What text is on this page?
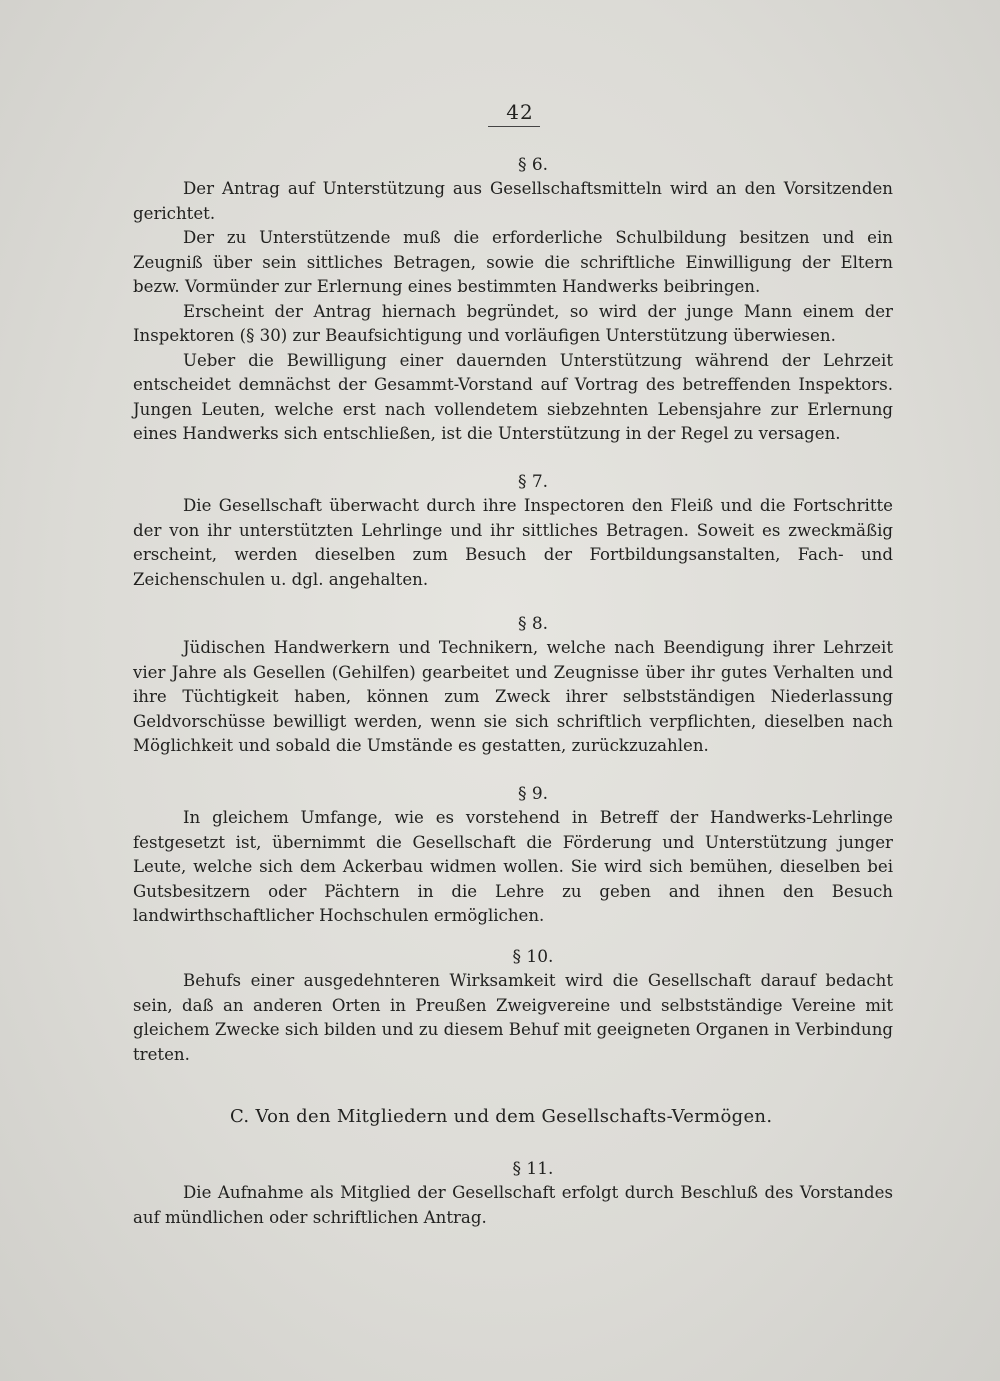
42
§ 6.

Der Antrag auf Unterstützung aus Gesellschaftsmitteln wird an den Vorsitzenden gerichtet.

Der zu Unterstützende muß die erforderliche Schulbildung besitzen und ein Zeugniß über sein sittliches Betragen, sowie die schriftliche Einwilligung der Eltern bezw. Vormünder zur Erlernung eines bestimmten Handwerks beibringen.

Erscheint der Antrag hiernach begründet, so wird der junge Mann einem der Inspektoren (§ 30) zur Beaufsichtigung und vorläufigen Unterstützung überwiesen.

Ueber die Bewilligung einer dauernden Unterstützung während der Lehrzeit entscheidet demnächst der Gesammt-Vorstand auf Vortrag des betreffenden Inspektors. Jungen Leuten, welche erst nach vollendetem siebzehnten Lebensjahre zur Erlernung eines Handwerks sich entschließen, ist die Unterstützung in der Regel zu versagen.

§ 7.

Die Gesellschaft überwacht durch ihre Inspectoren den Fleiß und die Fortschritte der von ihr unterstützten Lehrlinge und ihr sittliches Betragen. Soweit es zweckmäßig erscheint, werden dieselben zum Besuch der Fortbildungsanstalten, Fach- und Zeichenschulen u. dgl. angehalten.

§ 8.

Jüdischen Handwerkern und Technikern, welche nach Beendigung ihrer Lehrzeit vier Jahre als Gesellen (Gehilfen) gearbeitet und Zeugnisse über ihr gutes Verhalten und ihre Tüchtigkeit haben, können zum Zweck ihrer selbstständigen Niederlassung Geldvorschüsse bewilligt werden, wenn sie sich schriftlich verpflichten, dieselben nach Möglichkeit und sobald die Umstände es gestatten, zurückzuzahlen.

§ 9.

In gleichem Umfange, wie es vorstehend in Betreff der Handwerks-Lehrlinge festgesetzt ist, übernimmt die Gesellschaft die Förderung und Unterstützung junger Leute, welche sich dem Ackerbau widmen wollen. Sie wird sich bemühen, dieselben bei Gutsbesitzern oder Pächtern in die Lehre zu geben and ihnen den Besuch landwirthschaftlicher Hochschulen ermöglichen.

§ 10.

Behufs einer ausgedehnteren Wirksamkeit wird die Gesellschaft darauf bedacht sein, daß an anderen Orten in Preußen Zweigvereine und selbstständige Vereine mit gleichem Zwecke sich bilden und zu diesem Behuf mit geeigneten Organen in Verbindung treten.

C. Von den Mitgliedern und dem Gesellschafts-Vermögen.
§ 11.

Die Aufnahme als Mitglied der Gesellschaft erfolgt durch Beschluß des Vorstandes auf mündlichen oder schriftlichen Antrag.
